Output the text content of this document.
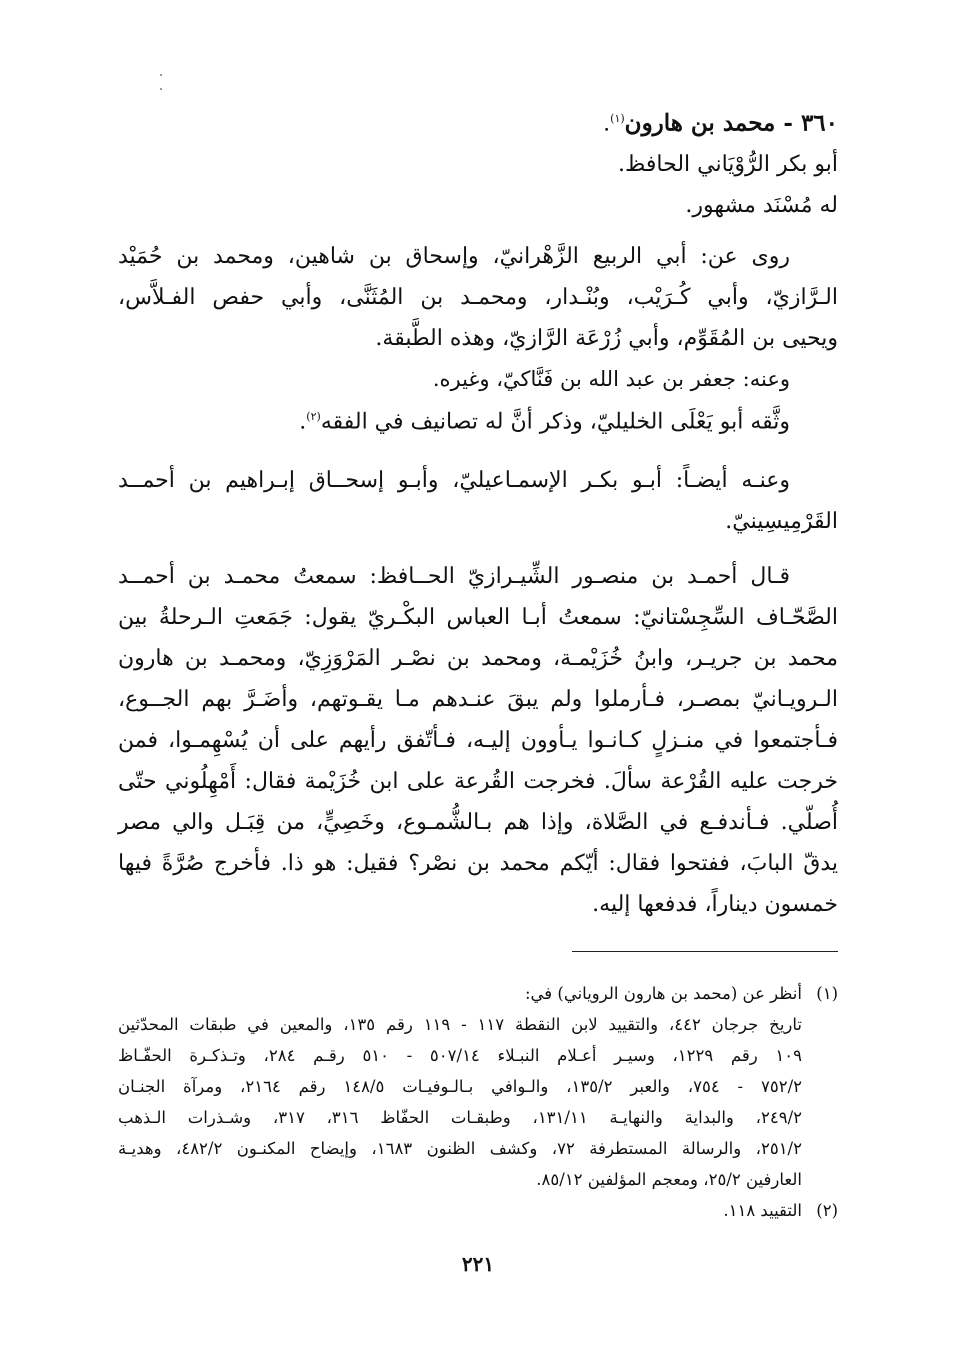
٣٦٠ - محمد بن هارون$^{(١)}$.
أبو بكر الرُّوْيَاني الحافظ.
له مُسْنَد مشهور.
روى عن: أبي الربيع الزَّهْرانيّ، وإسحاق بن شاهين، ومحمد بن حُمَيْد
الـرَّازيّ، وأبي كُـرَيْب، وبُنْـدار، ومحمـد بن المُثَنَّى، وأبي حفص الفـلاَّس،
ويحيى بن المُقَوِّم، وأبي زُرْعَة الرَّازيّ، وهذه الطَّبقة.
وعنه: جعفر بن عبد الله بن فَنَّاكيّ، وغيره.
وثَّقه أبو يَعْلَى الخليليّ، وذكر أنَّ له تصانيف في الفقه$^{(٢)}$.
وعنـه أيضـاً: أبـو بكـر الإسمـاعيليّ، وأبـو إسحــاق إبـراهيم بن أحمــد
القَرْمِيسِينيّ.
قـال أحمـد بن منصـور الشِّيـرازيّ الحــافظ: سمعتُ محمـد بن أحمــد
الصَّحّـاف السِّجِسْتانيّ: سمعتُ أبـا العباس البكْـريّ يقول: جَمَعتِ الـرحلةُ بين
محمد بن جريـر، وابنُ خُزَيْمـة، ومحمد بن نصْـر المَرْوَزِيّ، ومحمـد بن هارون
الـرويـانيّ بمصـر، فـأرملوا ولم يبقَ عنـدهم مـا يقـوتهم، وأضَـرَّ بهم الجــوع،
فـأجتمعوا في منـزلٍ كـانـوا يـأوون إليـه، فـأتّفق رأيهم على أن يُسْهِمـوا، فمن
خرجت عليه القُرْعة سألَ. فخرجت القُرعة على ابن خُزَيْمة فقال: أَمْهِلُوني حتّى
أُصلّي. فـأندفـع في الصَّلاة، وإذا هم بـالشُّمـوع، وخَصِيٍّ، من قِبَـل والي مصر
يدقّ البابَ، ففتحوا فقال: أيّكم محمد بن نصْر؟ فقيل: هو ذا. فأخرج صُرَّةً فيها
خمسون ديناراً، فدفعها إليه.
(١)أنظر عن (محمد بن هارون الروياني) في:
تاريخ جرجان ٤٤٢، والتقييد لابن النقطة ١١٧ - ١١٩ رقم ١٣٥، والمعين في طبقات المحدّثين
١٠٩ رقم ١٢٢٩، وسيـر أعـلام النبـلاء ٥٠٧/١٤ - ٥١٠ رقـم ٢٨٤، وتـذكـرة الحفّـاظ
٧٥٢/٢ - ٧٥٤، والعبر ١٣٥/٢، والـوافي بـالـوفيـات ١٤٨/٥ رقم ٢١٦٤، ومرآة الجنـان
٢٤٩/٢، والبداية والنهايـة ١٣١/١١، وطبقـات الحفّاظ ٣١٦، ٣١٧، وشـذرات الـذهب
٢٥١/٢، والرسالة المستطرفة ٧٢، وكشف الظنون ١٦٨٣، وإيضاح المكنـون ٤٨٢/٢، وهديـة
العارفين ٢٥/٢، ومعجم المؤلفين ٨٥/١٢.
(٢)التقييد ١١٨.
٢٢١
